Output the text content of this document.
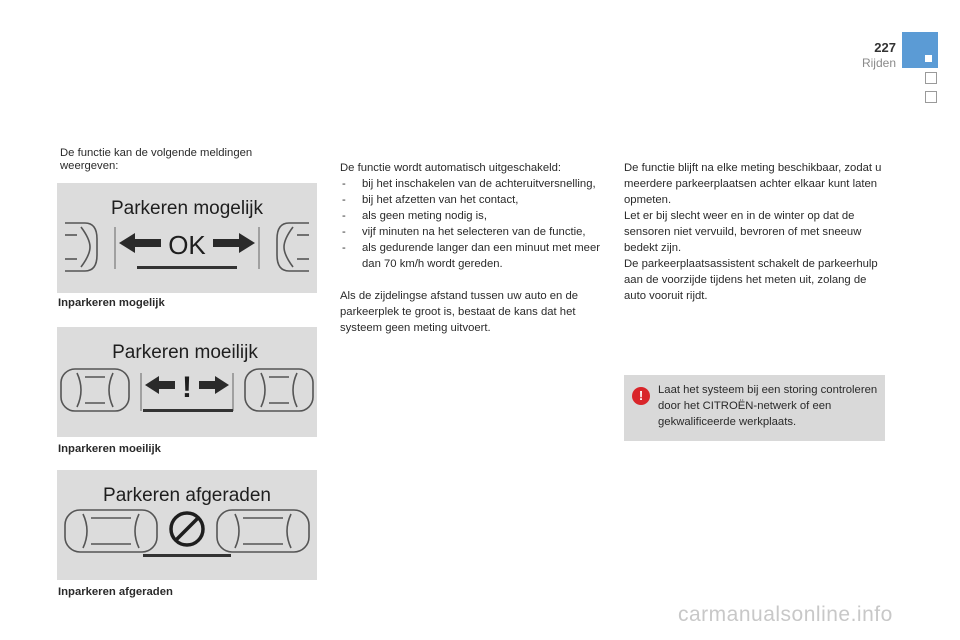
227
Rijden
De functie kan de volgende meldingen weergeven:
Parkeren mogelijk
OK
Inparkeren mogelijk
Parkeren moeilijk
!
Inparkeren moeilijk
Parkeren afgeraden
Inparkeren afgeraden

De functie wordt automatisch uitgeschakeld:

- bij het inschakelen van de achteruitversnelling,
- bij het afzetten van het contact,
- als geen meting nodig is,
- vijf minuten na het selecteren van de functie,
- als gedurende langer dan een minuut met meer dan 70 km/h wordt gereden.

Als de zijdelingse afstand tussen uw auto en de parkeerplek te groot is, bestaat de kans dat het systeem geen meting uitvoert.

De functie blijft na elke meting beschikbaar, zodat u meerdere parkeerplaatsen achter elkaar kunt laten opmeten.

Let er bij slecht weer en in de winter op dat de sensoren niet vervuild, bevroren of met sneeuw bedekt zijn.

De parkeerplaatsassistent schakelt de parkeerhulp aan de voorzijde tijdens het meten uit, zolang de auto vooruit rijdt.

!	Laat het systeem bij een storing controleren door het CITROËN-netwerk of een gekwalificeerde werkplaats.
carmanualsonline.info
